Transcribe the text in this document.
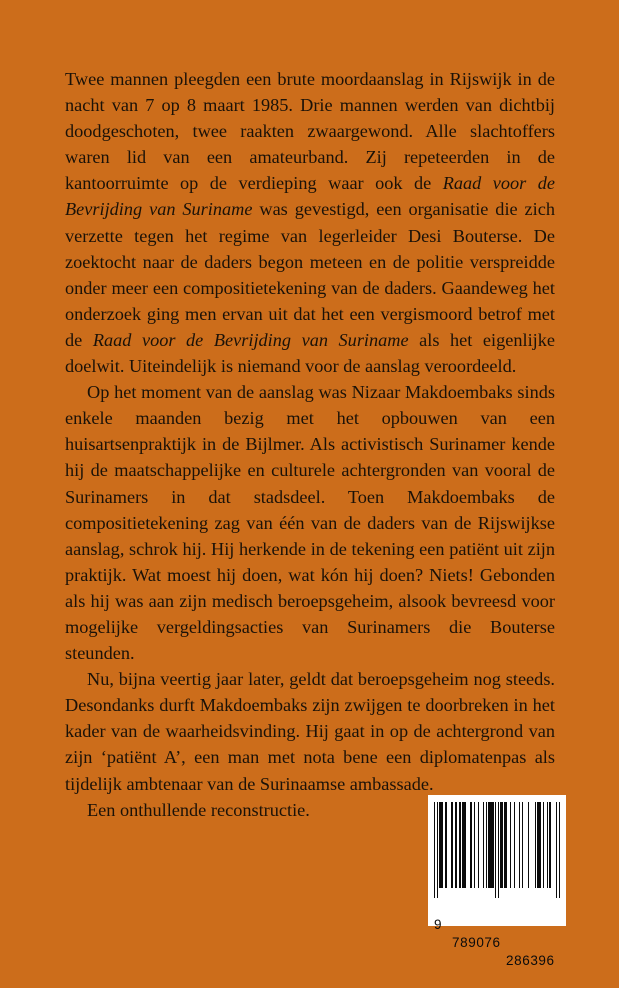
Twee mannen pleegden een brute moordaanslag in Rijswijk in de nacht van 7 op 8 maart 1985. Drie mannen werden van dichtbij doodgeschoten, twee raakten zwaargewond. Alle slachtoffers waren lid van een amateurband. Zij repeteerden in de kantoorruimte op de verdieping waar ook de Raad voor de Bevrijding van Suriname was gevestigd, een organisatie die zich verzette tegen het regime van legerleider Desi Bouterse. De zoektocht naar de daders begon meteen en de politie verspreidde onder meer een compositietekening van de daders. Gaandeweg het onderzoek ging men ervan uit dat het een vergismoord betrof met de Raad voor de Bevrijding van Suriname als het eigenlijke doelwit. Uiteindelijk is niemand voor de aanslag veroordeeld.

Op het moment van de aanslag was Nizaar Makdoembaks sinds enkele maanden bezig met het opbouwen van een huisartsenpraktijk in de Bijlmer. Als activistisch Surinamer kende hij de maatschappelijke en culturele achtergronden van vooral de Surinamers in dat stadsdeel. Toen Makdoembaks de compositietekening zag van één van de daders van de Rijswijkse aanslag, schrok hij. Hij herkende in de tekening een patiënt uit zijn praktijk. Wat moest hij doen, wat kón hij doen? Niets! Gebonden als hij was aan zijn medisch beroepsgeheim, alsook bevreesd voor mogelijke vergeldingsacties van Surinamers die Bouterse steunden.

Nu, bijna veertig jaar later, geldt dat beroepsgeheim nog steeds. Desondanks durft Makdoembaks zijn zwijgen te doorbreken in het kader van de waarheidsvinding. Hij gaat in op de achtergrond van zijn ‘patiënt A’, een man met nota bene een diplomatenpas als tijdelijk ambtenaar van de Surinaamse ambassade.

Een onthullende reconstructie.

9

789076

286396
